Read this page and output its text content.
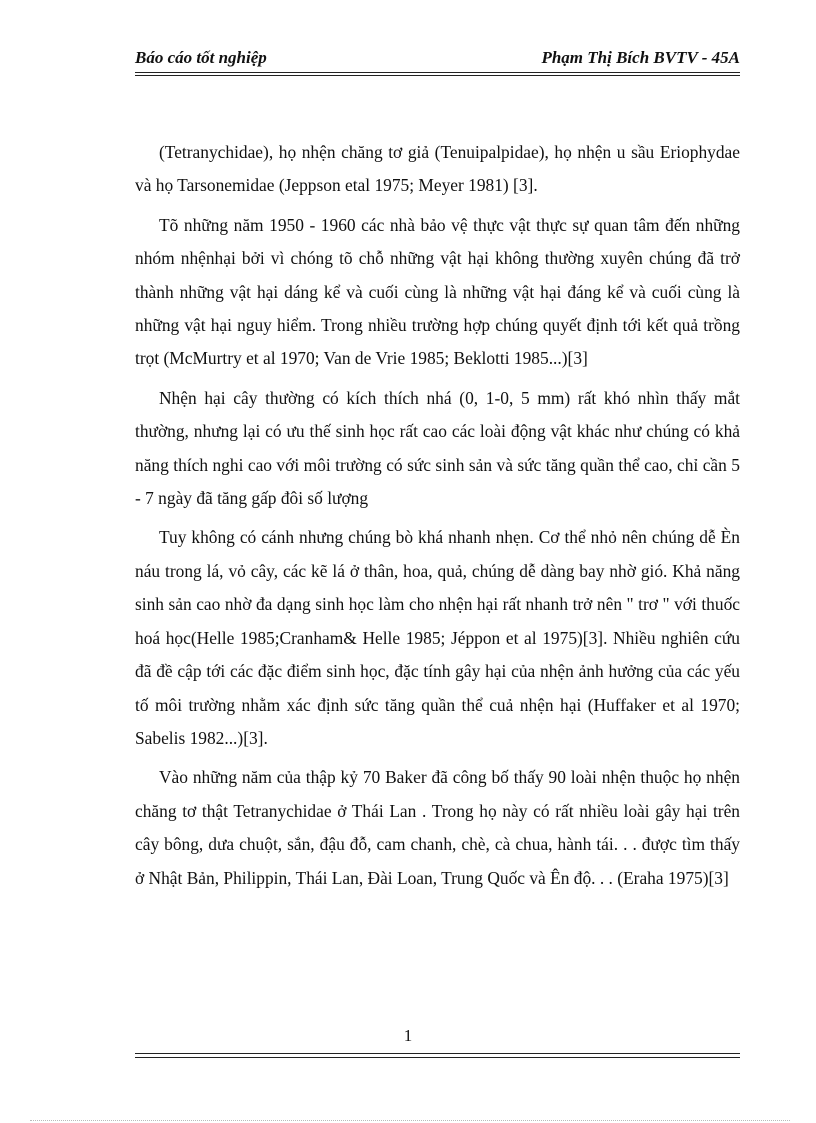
Báo cáo tốt nghiệp	Phạm Thị Bích BVTV - 45A

(Tetranychidae), họ nhện chăng tơ giả (Tenuipalpidae), họ nhện u sầu Eriophydae và họ Tarsonemidae (Jeppson etal 1975; Meyer 1981) [3].

Tõ những năm 1950 - 1960 các nhà bảo vệ thực vật thực sự quan tâm đến những nhóm nhệnhại bởi vì chóng tõ chỗ những vật hại không thường xuyên chúng đã trở thành những vật hại dáng kể và cuối cùng là những vật hại đáng kể và cuối cùng là những vật hại nguy hiểm. Trong nhiều trường hợp chúng quyết định tới kết quả trồng trọt (McMurtry et al 1970; Van de Vrie 1985; Beklotti 1985...)[3]

Nhện hại cây thường có kích thích nhá (0, 1-0, 5 mm) rất khó nhìn thấy mắt thường, nhưng lại có ưu thế sinh học rất cao các loài động vật khác như chúng có khả năng thích nghi cao với môi trường có sức sinh sản và sức tăng quần thể cao, chỉ cần 5 - 7 ngày đã tăng gấp đôi số lượng

Tuy không có cánh nhưng chúng bò khá nhanh nhẹn. Cơ thể nhỏ nên chúng dễ Èn náu trong lá, vỏ cây, các kẽ lá ở thân, hoa, quả, chúng dễ dàng bay nhờ gió. Khả năng sinh sản cao nhờ đa dạng sinh học làm cho nhện hại rất nhanh trở nên " trơ " với thuốc hoá học(Helle 1985;Cranham& Helle 1985; Jéppon et al 1975)[3]. Nhiều nghiên cứu đã đề cập tới các đặc điểm sinh học, đặc tính gây hại của nhện ảnh hưởng của các yếu tố môi trường nhằm xác định sức tăng quần thể cuả nhện hại (Huffaker et al 1970; Sabelis 1982...)[3].

Vào những năm của thập kỷ 70 Baker đã công bố thấy 90 loài nhện thuộc họ nhện chăng tơ thật Tetranychidae ở Thái Lan . Trong họ này có rất nhiều loài gây hại trên cây bông, dưa chuột, sắn, đậu đỗ, cam chanh, chè, cà chua, hành tái. . . được tìm thấy ở Nhật Bản, Philippin, Thái Lan, Đài Loan, Trung Quốc và Ên độ. . . (Eraha 1975)[3]

1
